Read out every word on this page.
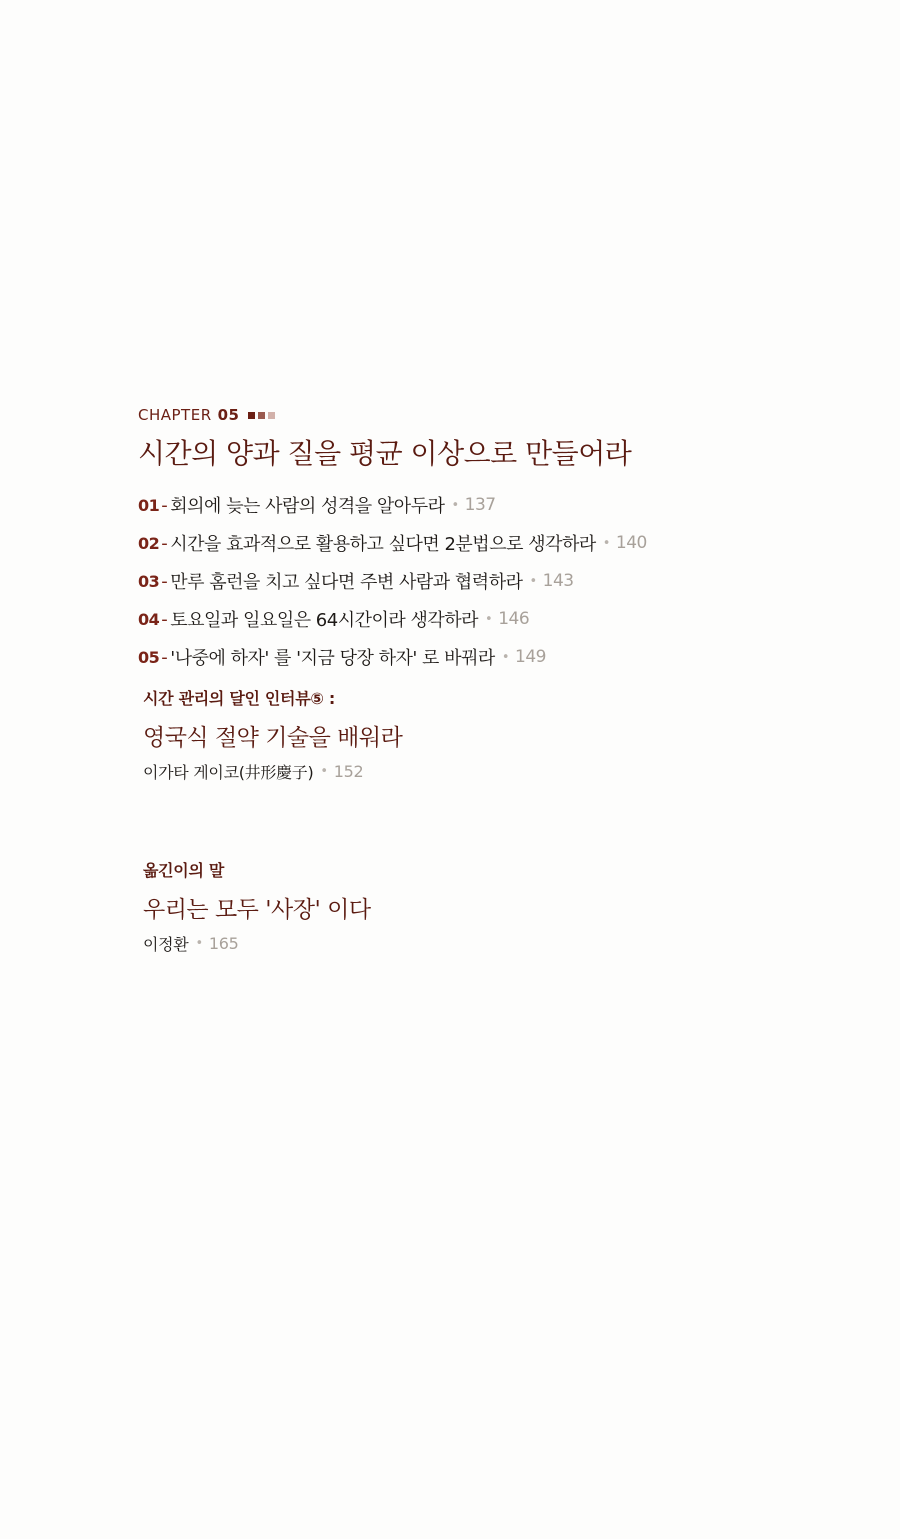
CHAPTER 05
시간의 양과 질을 평균 이상으로 만들어라
01 - 회의에 늦는 사람의 성격을 알아두라 • 137
02 - 시간을 효과적으로 활용하고 싶다면 2분법으로 생각하라 • 140
03 - 만루 홈런을 치고 싶다면 주변 사람과 협력하라 • 143
04 - 토요일과 일요일은 64시간이라 생각하라 • 146
05 - '나중에 하자' 를 '지금 당장 하자' 로 바꿔라 • 149
시간 관리의 달인 인터뷰⑤ :
영국식 절약 기술을 배워라
이가타 게이코(井形慶子) • 152
옮긴이의 말
우리는 모두 '사장' 이다
이정환 • 165
